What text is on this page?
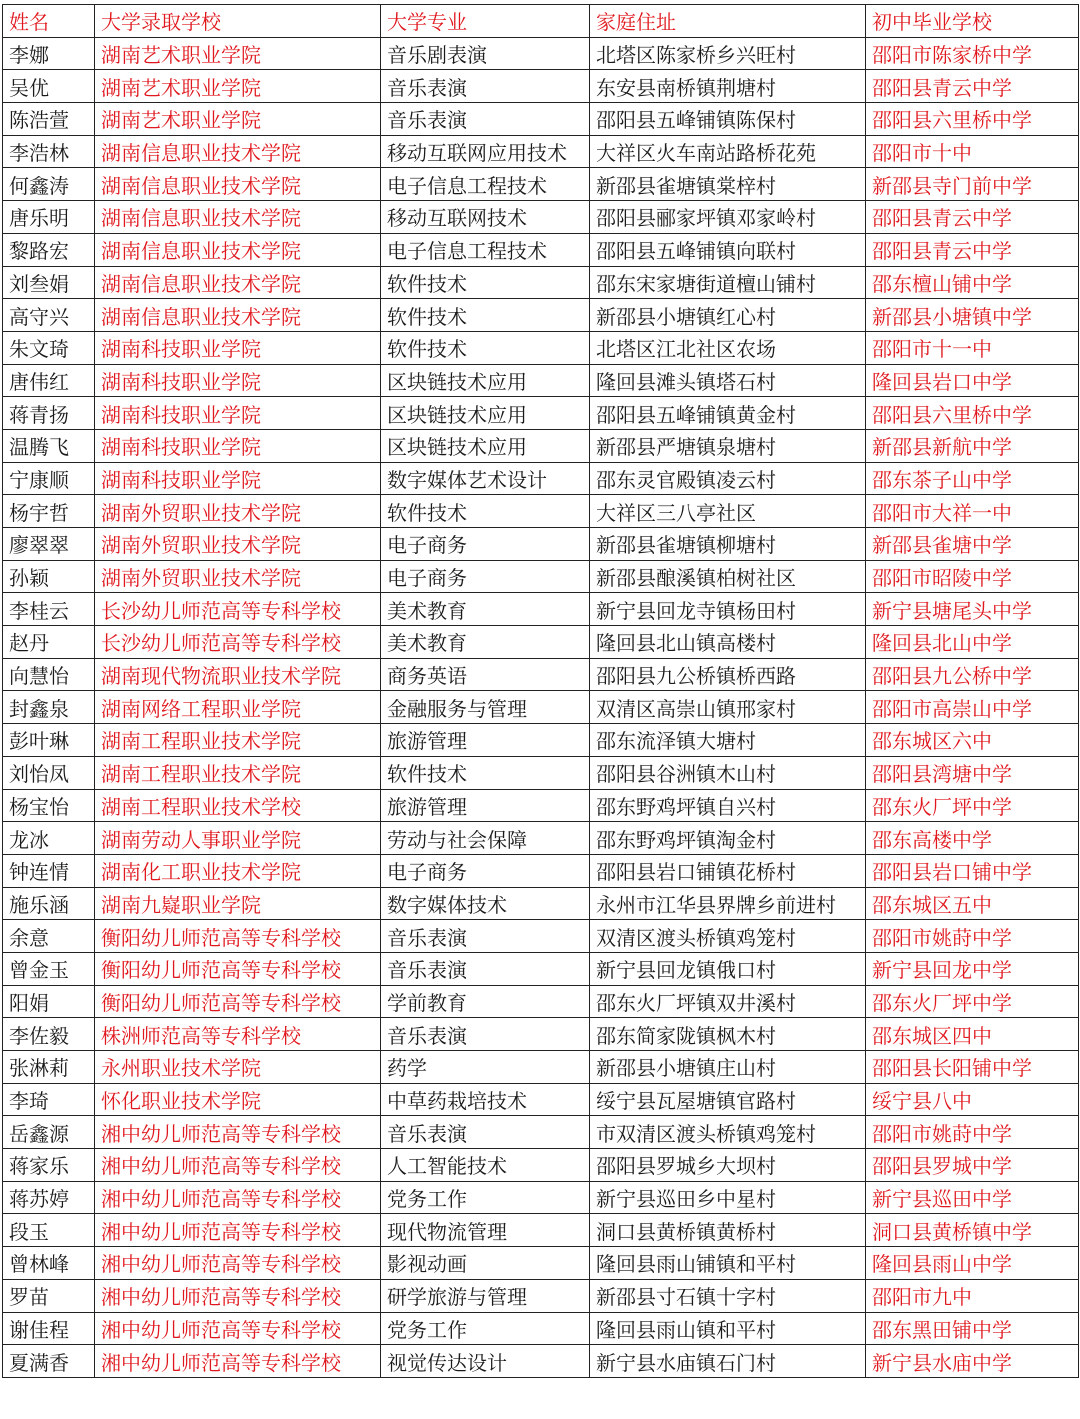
姓名	大学录取学校	大学专业	家庭住址	初中毕业学校
李娜	湖南艺术职业学院	音乐剧表演	北塔区陈家桥乡兴旺村	邵阳市陈家桥中学
吴优	湖南艺术职业学院	音乐表演	东安县南桥镇荆塘村	邵阳县青云中学
陈浩萱	湖南艺术职业学院	音乐表演	邵阳县五峰铺镇陈保村	邵阳县六里桥中学
李浩林	湖南信息职业技术学院	移动互联网应用技术	大祥区火车南站路桥花苑	邵阳市十中
何鑫涛	湖南信息职业技术学院	电子信息工程技术	新邵县雀塘镇棠梓村	新邵县寺门前中学
唐乐明	湖南信息职业技术学院	移动互联网技术	邵阳县郦家坪镇邓家岭村	邵阳县青云中学
黎路宏	湖南信息职业技术学院	电子信息工程技术	邵阳县五峰铺镇向联村	邵阳县青云中学
刘叁娟	湖南信息职业技术学院	软件技术	邵东宋家塘街道檀山铺村	邵东檀山铺中学
高守兴	湖南信息职业技术学院	软件技术	新邵县小塘镇红心村	新邵县小塘镇中学
朱文琦	湖南科技职业学院	软件技术	北塔区江北社区农场	邵阳市十一中
唐伟红	湖南科技职业学院	区块链技术应用	隆回县滩头镇塔石村	隆回县岩口中学
蒋青扬	湖南科技职业学院	区块链技术应用	邵阳县五峰铺镇黄金村	邵阳县六里桥中学
温腾飞	湖南科技职业学院	区块链技术应用	新邵县严塘镇泉塘村	新邵县新航中学
宁康顺	湖南科技职业学院	数字媒体艺术设计	邵东灵官殿镇凌云村	邵东茶子山中学
杨宇哲	湖南外贸职业技术学院	软件技术	大祥区三八亭社区	邵阳市大祥一中
廖翠翠	湖南外贸职业技术学院	电子商务	新邵县雀塘镇柳塘村	新邵县雀塘中学
孙颖	湖南外贸职业技术学院	电子商务	新邵县酿溪镇柏树社区	邵阳市昭陵中学
李桂云	长沙幼儿师范高等专科学校	美术教育	新宁县回龙寺镇杨田村	新宁县塘尾头中学
赵丹	长沙幼儿师范高等专科学校	美术教育	隆回县北山镇高楼村	隆回县北山中学
向慧怡	湖南现代物流职业技术学院	商务英语	邵阳县九公桥镇桥西路	邵阳县九公桥中学
封鑫泉	湖南网络工程职业学院	金融服务与管理	双清区高崇山镇邢家村	邵阳市高崇山中学
彭叶琳	湖南工程职业技术学院	旅游管理	邵东流泽镇大塘村	邵东城区六中
刘怡凤	湖南工程职业技术学院	软件技术	邵阳县谷洲镇木山村	邵阳县湾塘中学
杨宝怡	湖南工程职业技术学校	旅游管理	邵东野鸡坪镇自兴村	邵东火厂坪中学
龙冰	湖南劳动人事职业学院	劳动与社会保障	邵东野鸡坪镇淘金村	邵东高楼中学
钟连情	湖南化工职业技术学院	电子商务	邵阳县岩口铺镇花桥村	邵阳县岩口铺中学
施乐涵	湖南九嶷职业学院	数字媒体技术	永州市江华县界牌乡前进村	邵东城区五中
余意	衡阳幼儿师范高等专科学校	音乐表演	双清区渡头桥镇鸡笼村	邵阳市姚莳中学
曾金玉	衡阳幼儿师范高等专科学校	音乐表演	新宁县回龙镇俄口村	新宁县回龙中学
阳娟	衡阳幼儿师范高等专科学校	学前教育	邵东火厂坪镇双井溪村	邵东火厂坪中学
李佐毅	株洲师范高等专科学校	音乐表演	邵东简家陇镇枫木村	邵东城区四中
张淋莉	永州职业技术学院	药学	新邵县小塘镇庄山村	邵阳县长阳铺中学
李琦	怀化职业技术学院	中草药栽培技术	绥宁县瓦屋塘镇官路村	绥宁县八中
岳鑫源	湘中幼儿师范高等专科学校	音乐表演	市双清区渡头桥镇鸡笼村	邵阳市姚莳中学
蒋家乐	湘中幼儿师范高等专科学校	人工智能技术	邵阳县罗城乡大坝村	邵阳县罗城中学
蒋苏婷	湘中幼儿师范高等专科学校	党务工作	新宁县巡田乡中星村	新宁县巡田中学
段玉	湘中幼儿师范高等专科学校	现代物流管理	洞口县黄桥镇黄桥村	洞口县黄桥镇中学
曾林峰	湘中幼儿师范高等专科学校	影视动画	隆回县雨山铺镇和平村	隆回县雨山中学
罗苗	湘中幼儿师范高等专科学校	研学旅游与管理	新邵县寸石镇十字村	邵阳市九中
谢佳程	湘中幼儿师范高等专科学校	党务工作	隆回县雨山镇和平村	邵东黑田铺中学
夏满香	湘中幼儿师范高等专科学校	视觉传达设计	新宁县水庙镇石门村	新宁县水庙中学
